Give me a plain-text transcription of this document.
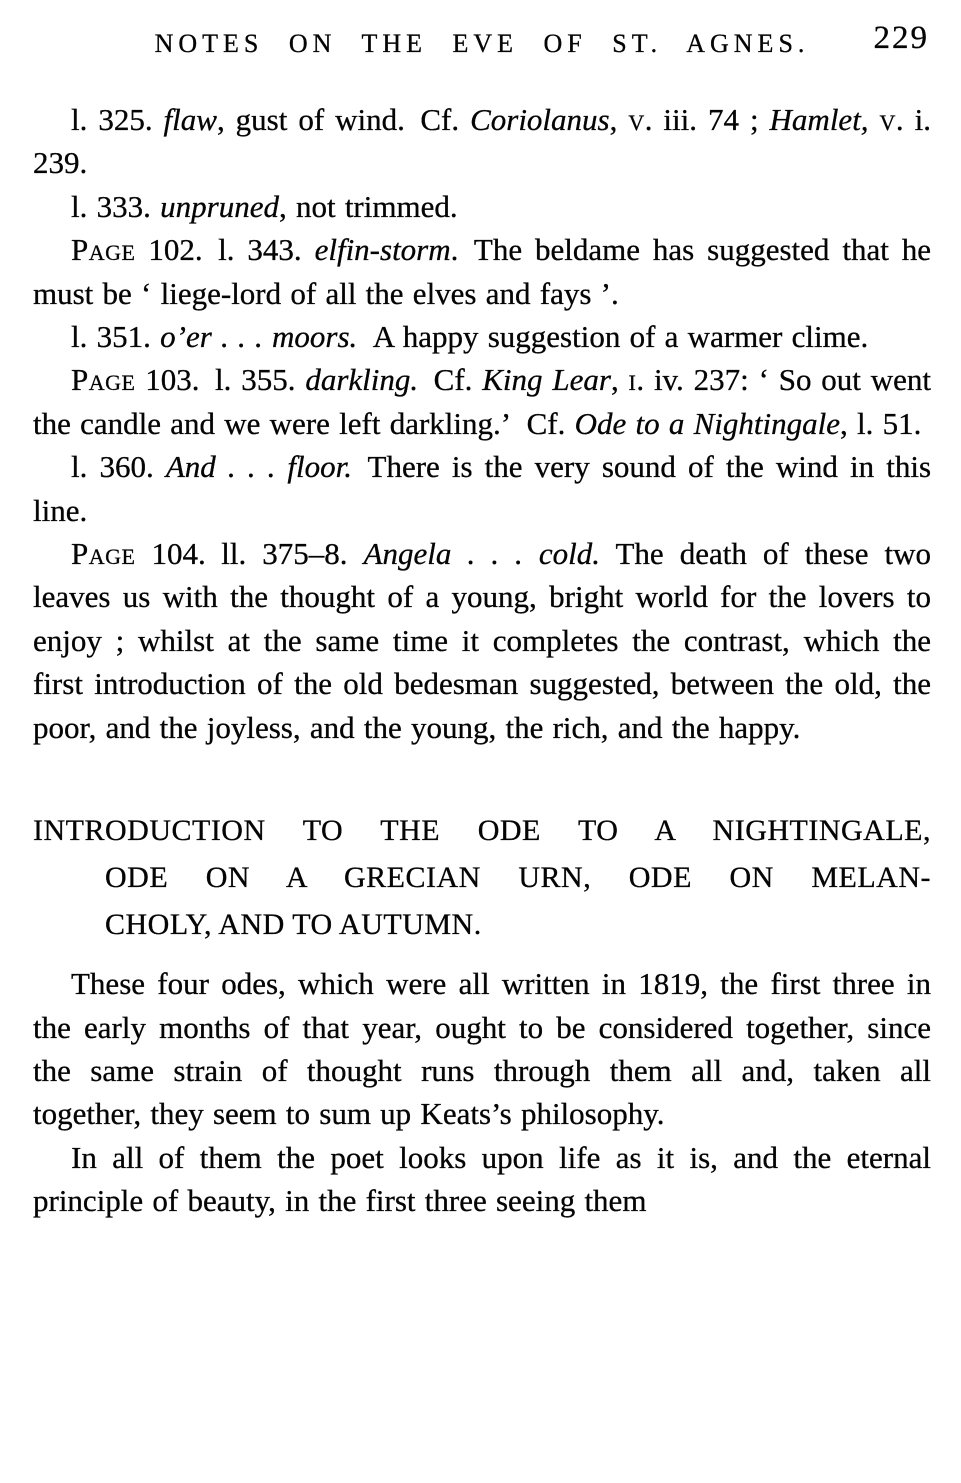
NOTES ON THE EVE OF ST. AGNES. 229

l. 325. flaw, gust of wind. Cf. Coriolanus, v. iii. 74 ; Hamlet, v. i. 239.

l. 333. unpruned, not trimmed.

Page 102. l. 343. elfin-storm. The beldame has suggested that he must be ‘ liege-lord of all the elves and fays ’.

l. 351. o’er . . . moors. A happy suggestion of a warmer clime.

Page 103. l. 355. darkling. Cf. King Lear, i. iv. 237: ‘ So out went the candle and we were left darkling.’ Cf. Ode to a Nightingale, l. 51.

l. 360. And . . . floor. There is the very sound of the wind in this line.

Page 104. ll. 375–8. Angela . . . cold. The death of these two leaves us with the thought of a young, bright world for the lovers to enjoy ; whilst at the same time it completes the contrast, which the first introduction of the old bedesman suggested, between the old, the poor, and the joyless, and the young, the rich, and the happy.

INTRODUCTION TO THE ODE TO A NIGHTINGALE,
ODE ON A GRECIAN URN, ODE ON MELAN-
CHOLY, AND TO AUTUMN.

These four odes, which were all written in 1819, the first three in the early months of that year, ought to be considered together, since the same strain of thought runs through them all and, taken all together, they seem to sum up Keats’s philosophy.

In all of them the poet looks upon life as it is, and the eternal principle of beauty, in the first three seeing them
